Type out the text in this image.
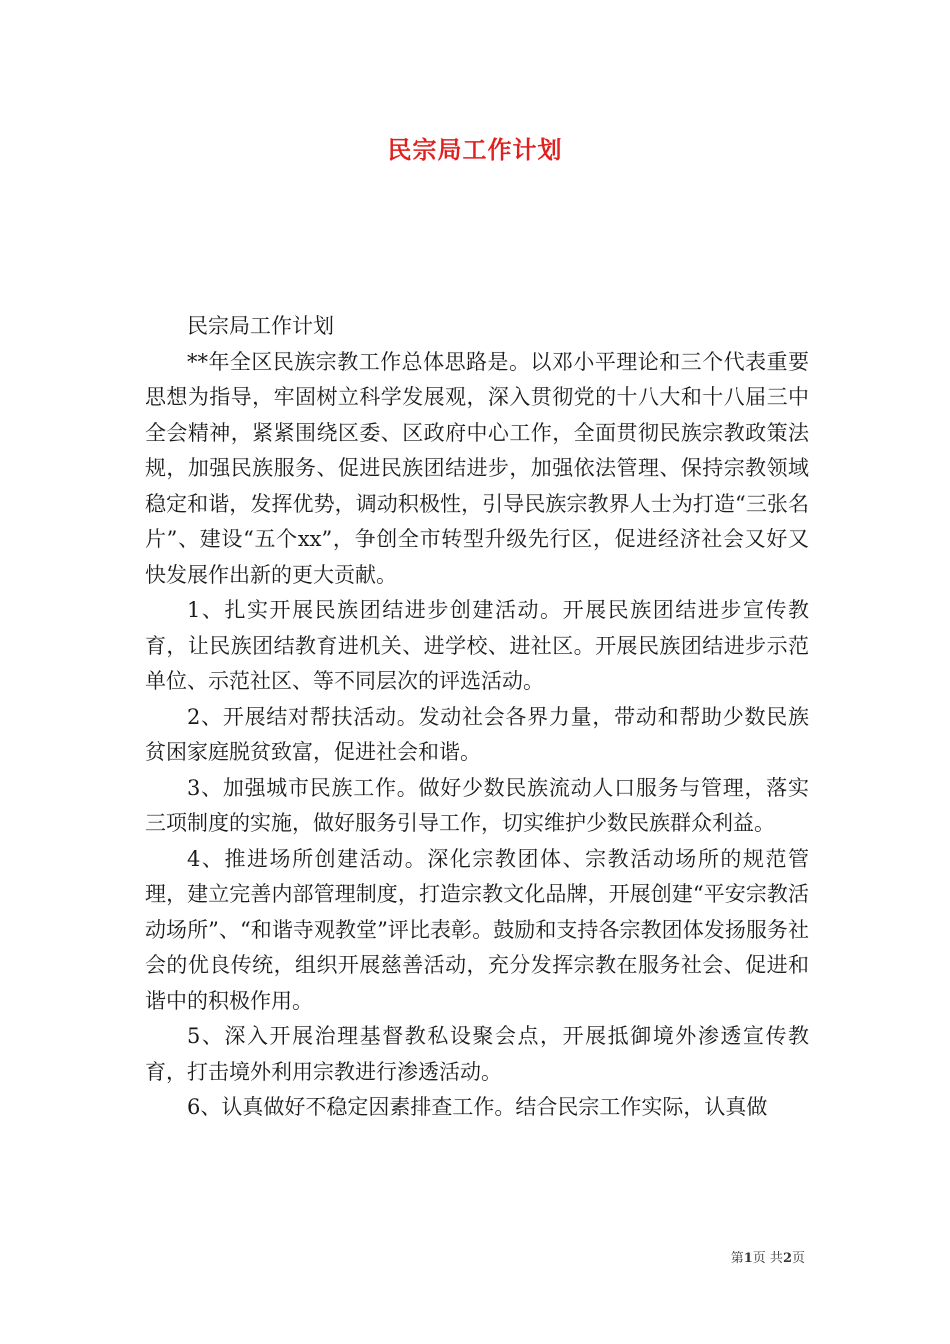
民宗局工作计划

民宗局工作计划

**年全区民族宗教工作总体思路是。以邓小平理论和三个代表重要思想为指导，牢固树立科学发展观，深入贯彻党的十八大和十八届三中全会精神，紧紧围绕区委、区政府中心工作，全面贯彻民族宗教政策法规，加强民族服务、促进民族团结进步，加强依法管理、保持宗教领域稳定和谐，发挥优势，调动积极性，引导民族宗教界人士为打造“三张名片”、建设“五个xx”，争创全市转型升级先行区，促进经济社会又好又快发展作出新的更大贡献。

1、扎实开展民族团结进步创建活动。开展民族团结进步宣传教育，让民族团结教育进机关、进学校、进社区。开展民族团结进步示范单位、示范社区、等不同层次的评选活动。

2、开展结对帮扶活动。发动社会各界力量，带动和帮助少数民族贫困家庭脱贫致富，促进社会和谐。

3、加强城市民族工作。做好少数民族流动人口服务与管理，落实三项制度的实施，做好服务引导工作，切实维护少数民族群众利益。

4、推进场所创建活动。深化宗教团体、宗教活动场所的规范管理，建立完善内部管理制度，打造宗教文化品牌，开展创建“平安宗教活动场所”、“和谐寺观教堂”评比表彰。鼓励和支持各宗教团体发扬服务社会的优良传统，组织开展慈善活动，充分发挥宗教在服务社会、促进和谐中的积极作用。

5、深入开展治理基督教私设聚会点，开展抵御境外渗透宣传教育，打击境外利用宗教进行渗透活动。

6、认真做好不稳定因素排查工作。结合民宗工作实际，认真做

第1页 共2页
